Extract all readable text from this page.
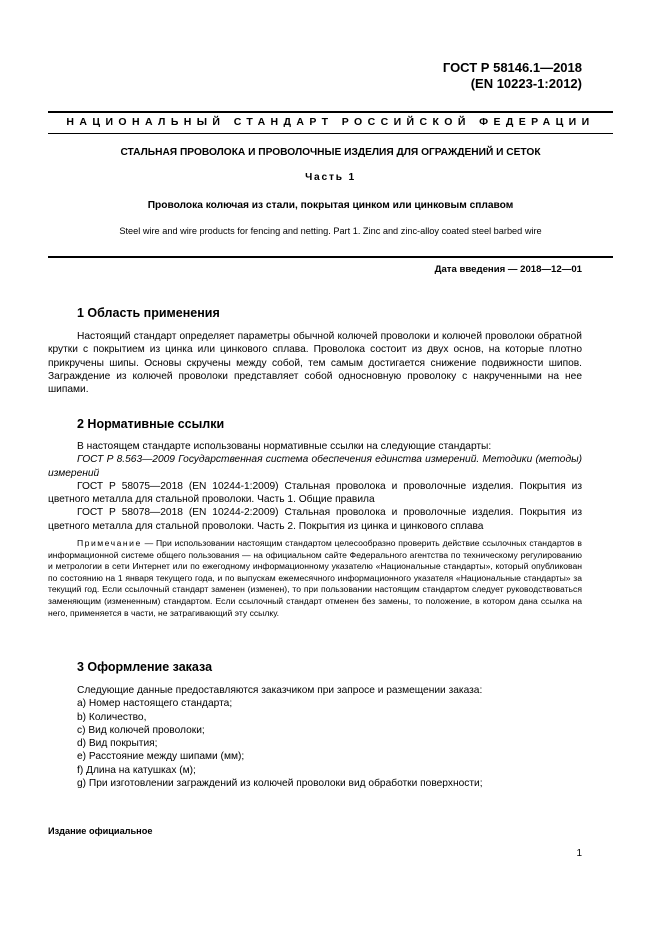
ГОСТ Р 58146.1—2018
(EN 10223-1:2012)
НАЦИОНАЛЬНЫЙ СТАНДАРТ РОССИЙСКОЙ ФЕДЕРАЦИИ
СТАЛЬНАЯ ПРОВОЛОКА И ПРОВОЛОЧНЫЕ ИЗДЕЛИЯ ДЛЯ ОГРАЖДЕНИЙ И СЕТОК
Часть 1
Проволока колючая из стали, покрытая цинком или цинковым сплавом
Steel wire and wire products for fencing and netting. Part 1. Zinc and zinc-alloy coated steel barbed wire
Дата введения — 2018—12—01
1 Область применения
Настоящий стандарт определяет параметры обычной колючей проволоки и колючей проволоки обратной крутки с покрытием из цинка или цинкового сплава. Проволока состоит из двух основ, на которые плотно прикручены шипы. Основы скручены между собой, тем самым достигается снижение подвижности шипов. Заграждение из колючей проволоки представляет собой односновную проволоку с накрученными на нее шипами.
2 Нормативные ссылки
В настоящем стандарте использованы нормативные ссылки на следующие стандарты:
ГОСТ Р 8.563—2009 Государственная система обеспечения единства измерений. Методики (методы) измерений
ГОСТ Р 58075—2018 (EN 10244-1:2009) Стальная проволока и проволочные изделия. Покрытия из цветного металла для стальной проволоки. Часть 1. Общие правила
ГОСТ Р 58078—2018 (EN 10244-2:2009) Стальная проволока и проволочные изделия. Покрытия из цветного металла для стальной проволоки. Часть 2. Покрытия из цинка и цинкового сплава
Примечание — При использовании настоящим стандартом целесообразно проверить действие ссылочных стандартов в информационной системе общего пользования — на официальном сайте Федерального агентства по техническому регулированию и метрологии в сети Интернет или по ежегодному информационному указателю «Национальные стандарты», который опубликован по состоянию на 1 января текущего года, и по выпускам ежемесячного информационного указателя «Национальные стандарты» за текущий год. Если ссылочный стандарт заменен (изменен), то при пользовании настоящим стандартом следует руководствоваться заменяющим (измененным) стандартом. Если ссылочный стандарт отменен без замены, то положение, в котором дана ссылка на него, применяется в части, не затрагивающий эту ссылку.
3 Оформление заказа
Следующие данные предоставляются заказчиком при запросе и размещении заказа:
a) Номер настоящего стандарта;
b) Количество,
c) Вид колючей проволоки;
d) Вид покрытия;
e) Расстояние между шипами (мм);
f) Длина на катушках (м);
g) При изготовлении заграждений из колючей проволоки вид обработки поверхности;
Издание официальное
1
